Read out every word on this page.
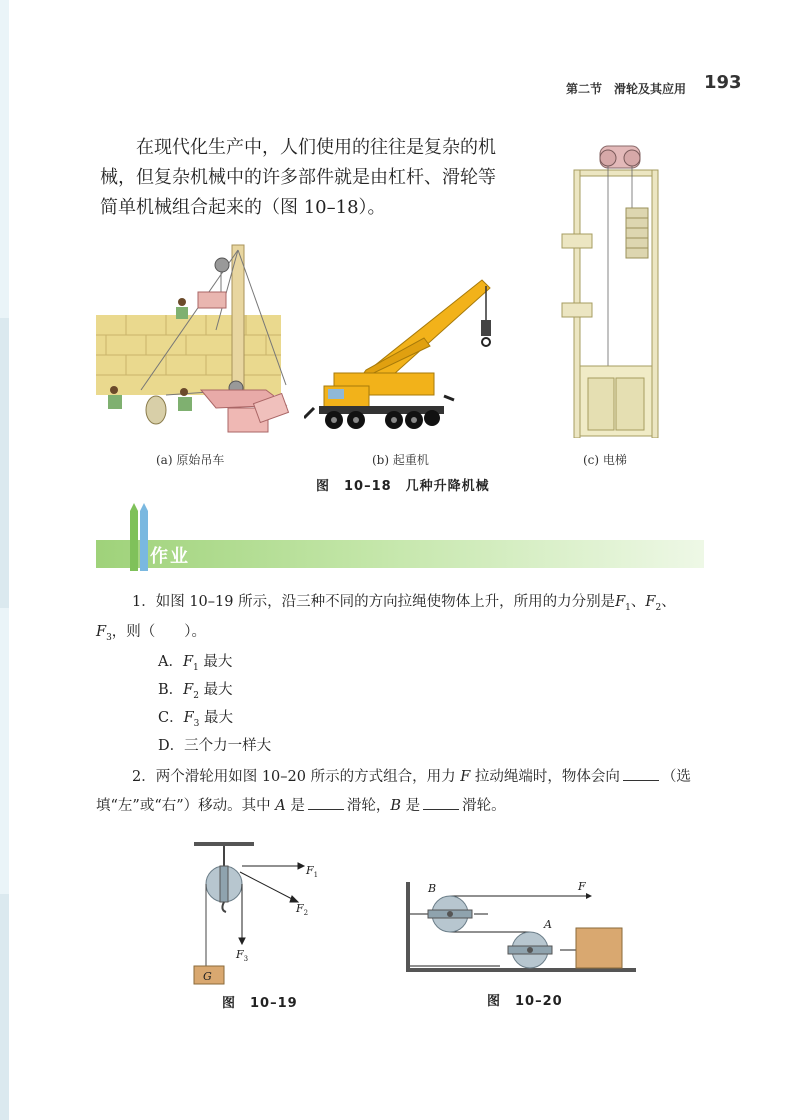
第二节　滑轮及其应用 193

在现代化生产中，人们使用的往往是复杂的机

械，但复杂机械中的许多部件就是由杠杆、滑轮等

简单机械组合起来的（图 10–18）。

(a) 原始吊车	(b) 起重机	(c) 电梯
图　10–18　几种升降机械
作业
1．如图 10–19 所示，沿三种不同的方向拉绳使物体上升，所用的力分别是$F_1$、$F_2$、
$F_3$，则（　　）。
A．$F_1$ 最大
B．$F_2$ 最大
C．$F_3$ 最大
D．三个力一样大
2．两个滑轮用如图 10–20 所示的方式组合，用力 F 拉动绳端时，物体会向	（选
填“左”或“右”）移动。其中 A 是	滑轮，B 是	滑轮。
$F_1$
$F_2$
$F_3$
G
图　10–19
B
A
F
图　10–20
